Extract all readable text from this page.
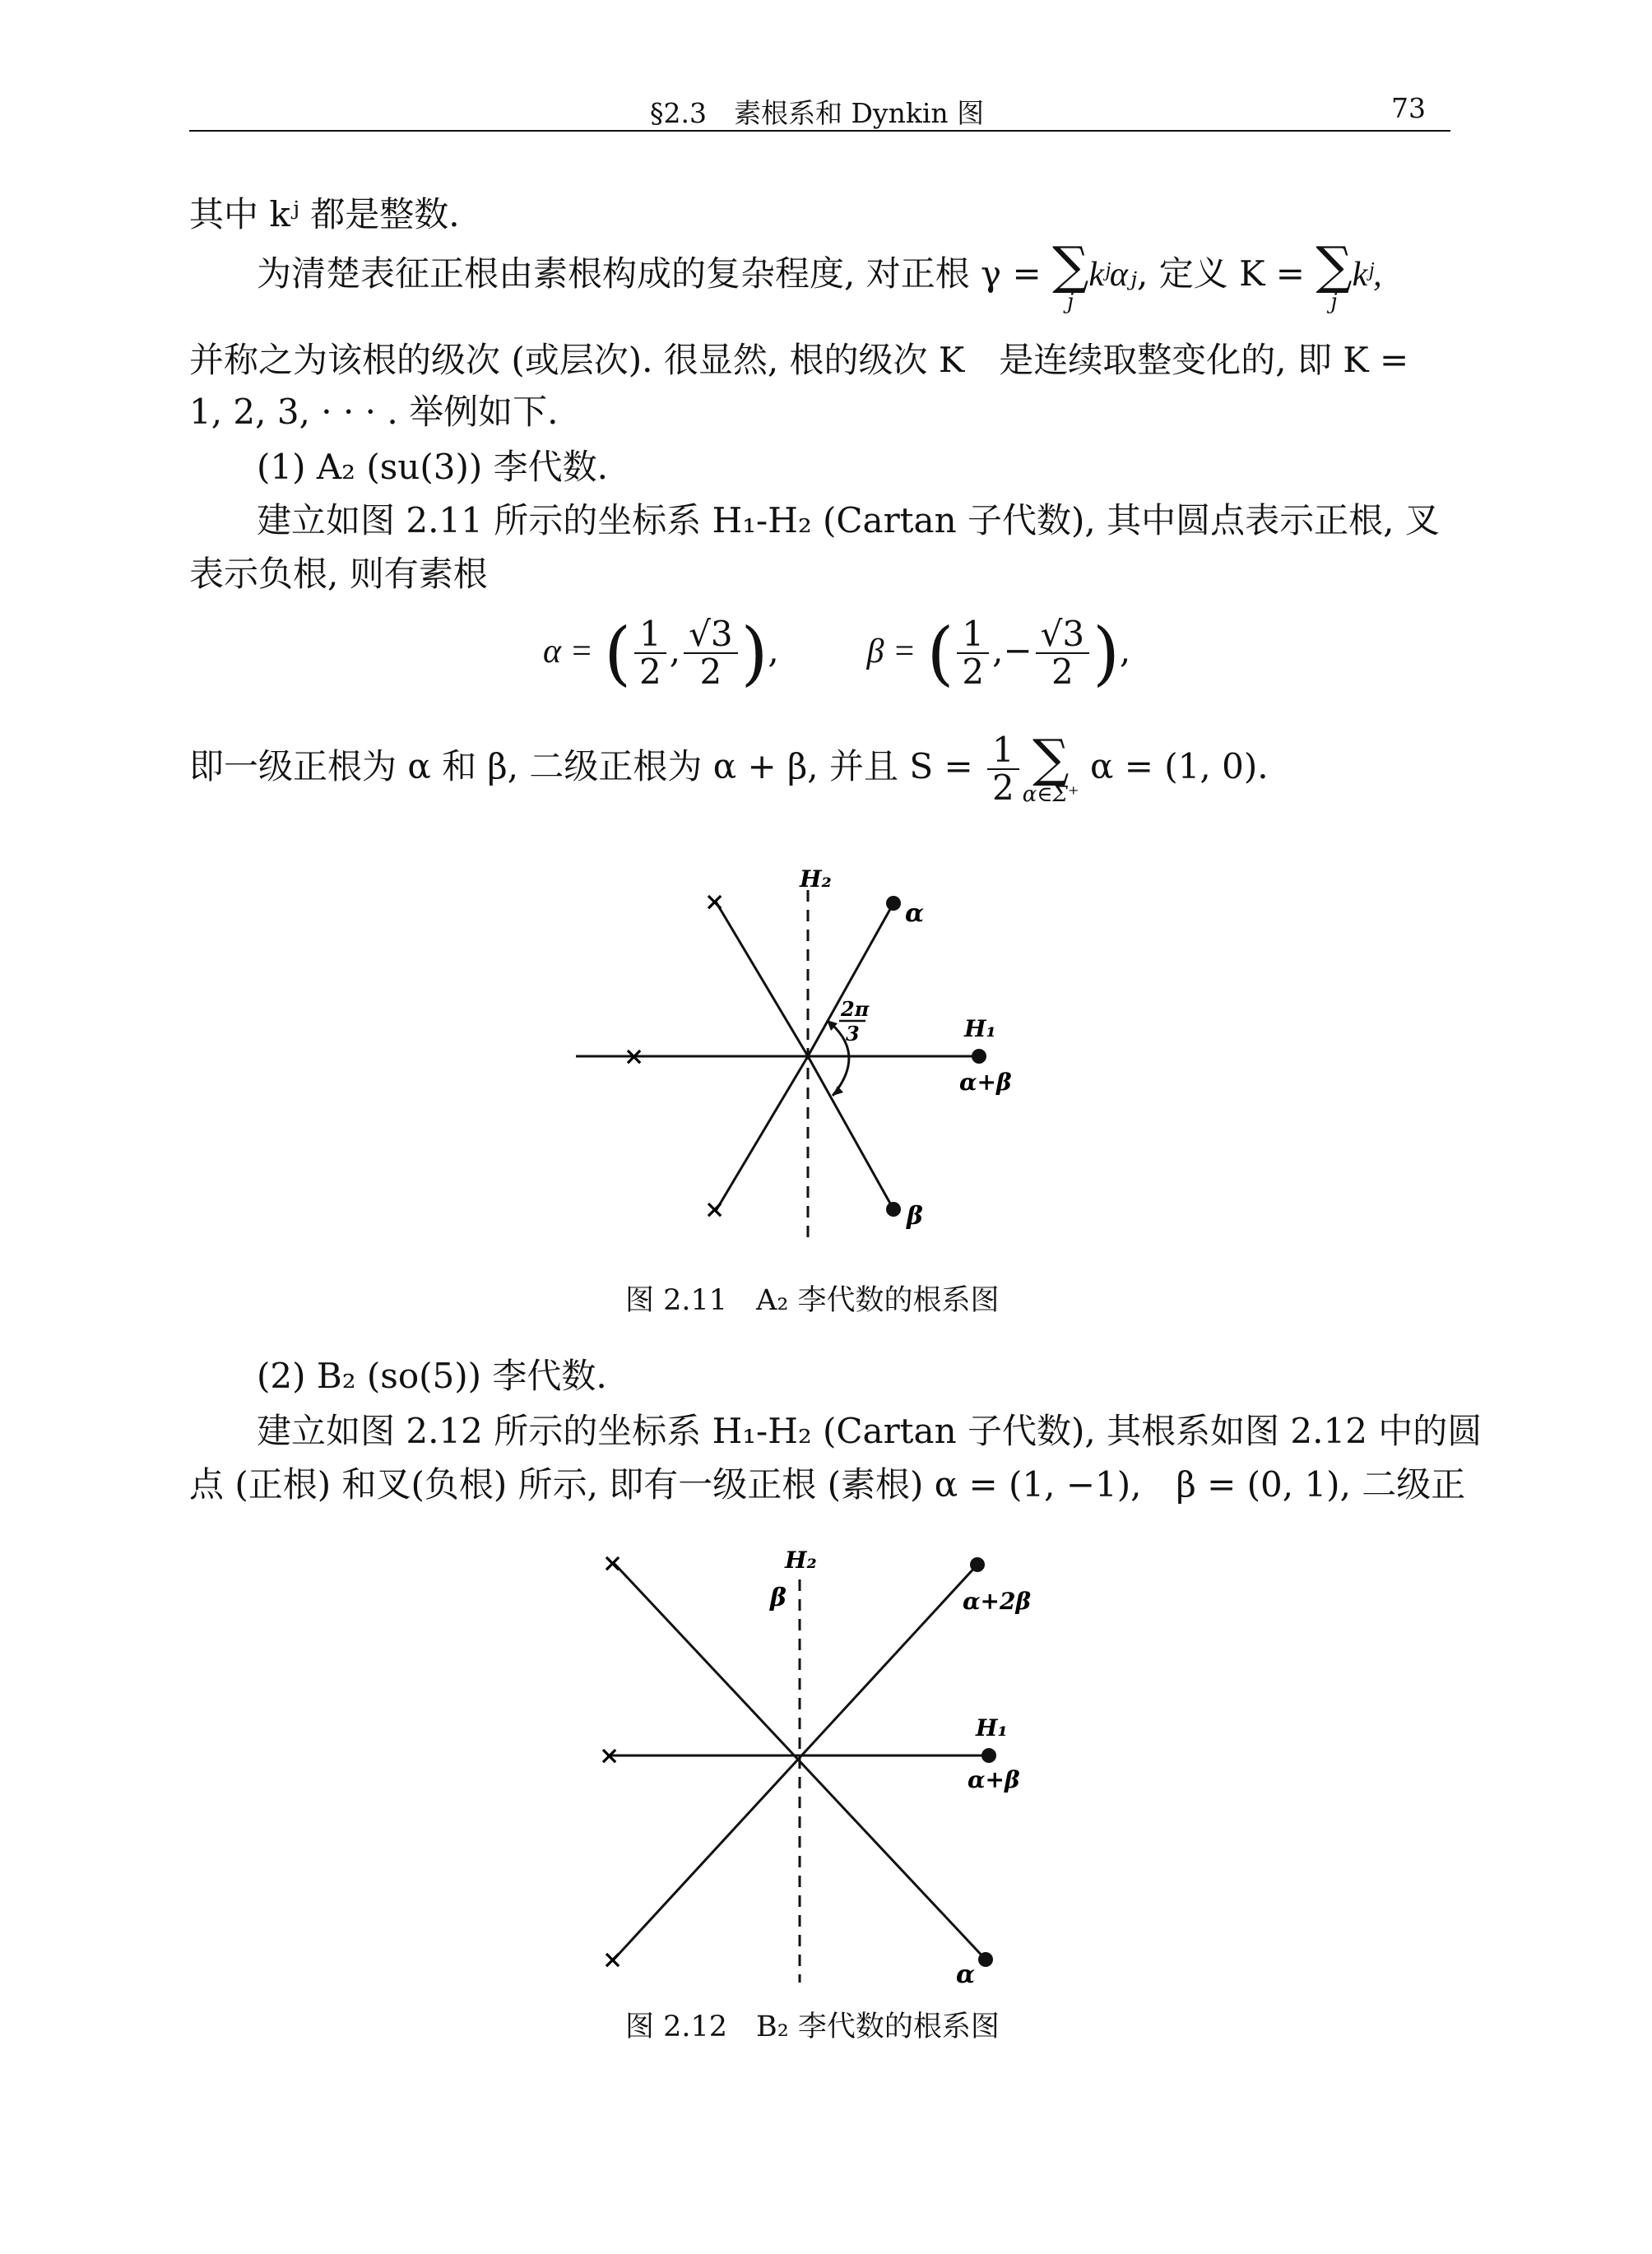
§2.3　素根系和 Dynkin 图	73
其中 kʲ 都是整数.
为清楚表征正根由素根构成的复杂程度, 对正根 γ = ∑
j
kʲαⱼ, 定义 K = ∑
j
kʲ,
并称之为该根的级次 (或层次). 很显然, 根的级次 K　是连续取整变化的, 即 K =
1, 2, 3, · · · . 举例如下.
(1) A₂ (su(3)) 李代数.
建立如图 2.11 所示的坐标系 H₁-H₂ (Cartan 子代数), 其中圆点表示正根, 叉
表示负根, 则有素根
α = ( $\frac{1}{2}$ , $\frac{√3}{2}$ ),  β = ( $\frac{1}{2}$ ,− $\frac{√3}{2}$ ),
即一级正根为 α 和 β, 二级正根为 α + β, 并且 $S = \frac{1}{2}$ ∑
α∈Σ⁺
α = (1, 0).
H₂
H₁
α
β
α+β
2π
3
×
×
×
图 2.11　A₂ 李代数的根系图
(2) B₂ (so(5)) 李代数.
建立如图 2.12 所示的坐标系 H₁-H₂ (Cartan 子代数), 其根系如图 2.12 中的圆
点 (正根) 和叉(负根) 所示, 即有一级正根 (素根) α = (1, −1),　β = (0, 1), 二级正
H₂
β	α+2β
H₁
α+β
α
×
×
×
图 2.12　B₂ 李代数的根系图
